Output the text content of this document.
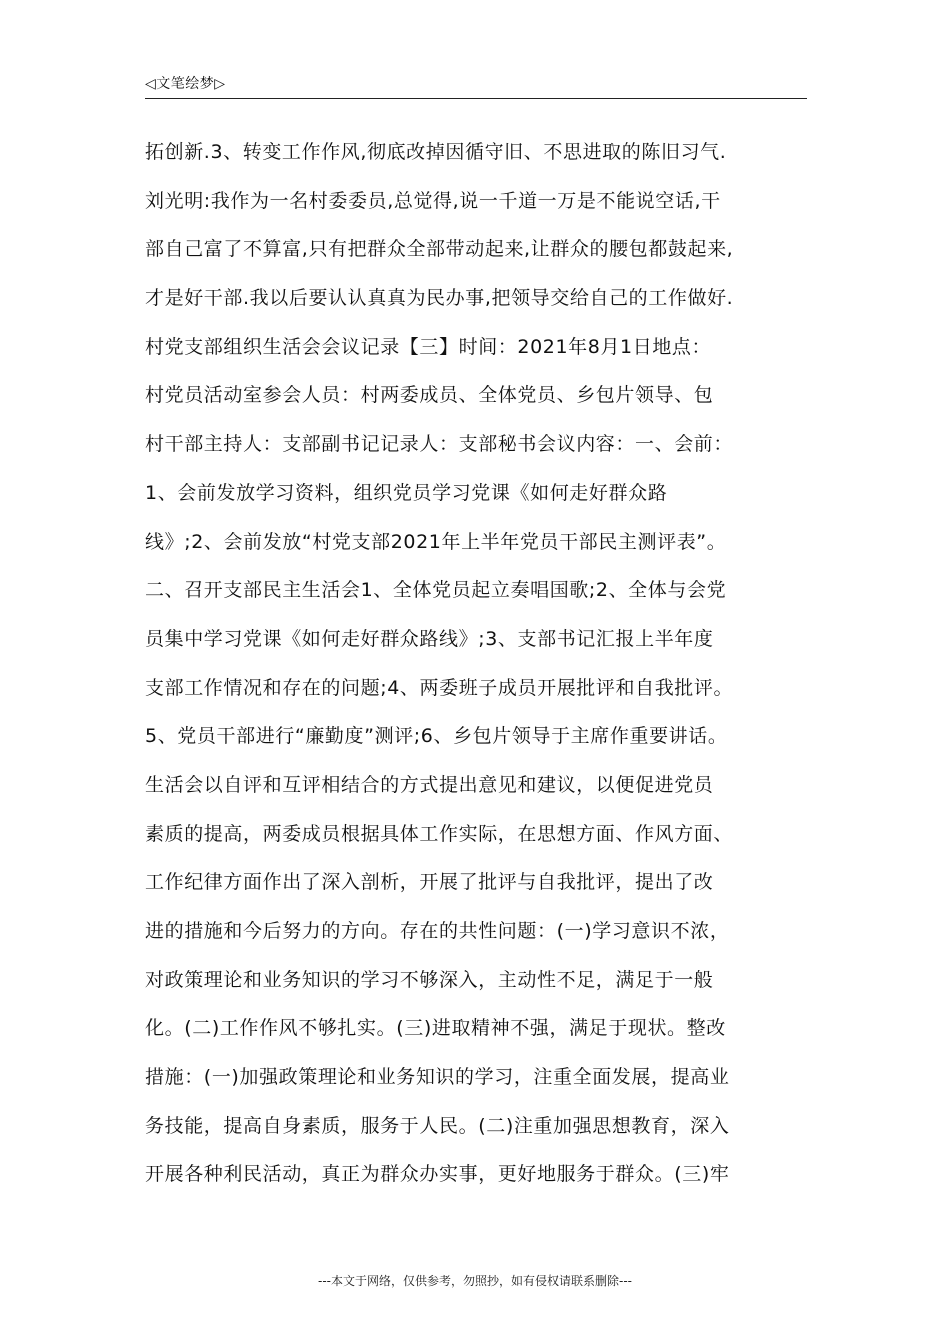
◁文笔绘梦▷
拓创新.3、转变工作作风,彻底改掉因循守旧、不思进取的陈旧习气.
刘光明:我作为一名村委委员,总觉得,说一千道一万是不能说空话,干
部自己富了不算富,只有把群众全部带动起来,让群众的腰包都鼓起来,
才是好干部.我以后要认认真真为民办事,把领导交给自己的工作做好.
村党支部组织生活会会议记录【三】时间：2021年8月1日地点：
村党员活动室参会人员：村两委成员、全体党员、乡包片领导、包
村干部主持人：支部副书记记录人：支部秘书会议内容：一、会前：
1、会前发放学习资料，组织党员学习党课《如何走好群众路
线》;2、会前发放“村党支部2021年上半年党员干部民主测评表”。
二、召开支部民主生活会1、全体党员起立奏唱国歌;2、全体与会党
员集中学习党课《如何走好群众路线》;3、支部书记汇报上半年度
支部工作情况和存在的问题;4、两委班子成员开展批评和自我批评。
5、党员干部进行“廉勤度”测评;6、乡包片领导于主席作重要讲话。
生活会以自评和互评相结合的方式提出意见和建议，以便促进党员
素质的提高，两委成员根据具体工作实际，在思想方面、作风方面、
工作纪律方面作出了深入剖析，开展了批评与自我批评，提出了改
进的措施和今后努力的方向。存在的共性问题：(一)学习意识不浓，
对政策理论和业务知识的学习不够深入，主动性不足，满足于一般
化。(二)工作作风不够扎实。(三)进取精神不强，满足于现状。整改
措施：(一)加强政策理论和业务知识的学习，注重全面发展，提高业
务技能，提高自身素质，服务于人民。(二)注重加强思想教育，深入
开展各种利民活动，真正为群众办实事，更好地服务于群众。(三)牢
---本文于网络，仅供参考，勿照抄，如有侵权请联系删除---
